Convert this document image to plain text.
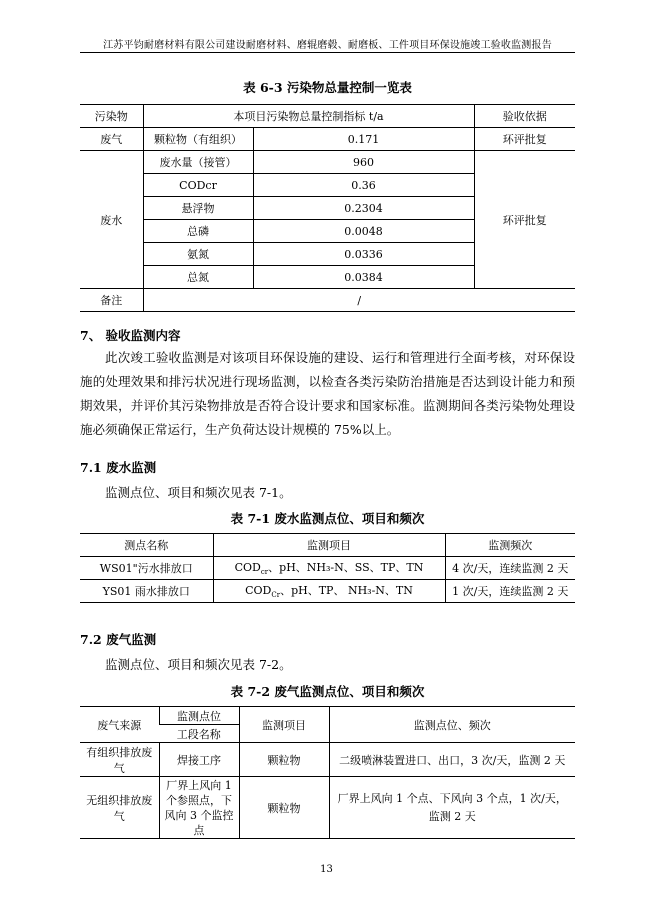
江苏平钧耐磨材料有限公司建设耐磨材料、磨辊磨毂、耐磨板、工件项目环保设施竣工验收监测报告
表 6-3 污染物总量控制一览表
污染物	本项目污染物总量控制指标 t/a		验收依据
废气	颗粒物（有组织）	0.171	环评批复
废水	废水量（接管）	960	环评批复
	CODcr	0.36	
	悬浮物	0.2304	
	总磷	0.0048	
	氨氮	0.0336	
	总氮	0.0384	
备注	/		
7、 验收监测内容
此次竣工验收监测是对该项目环保设施的建设、运行和管理进行全面考核，对环保设施的处理效果和排污状况进行现场监测，以检查各类污染防治措施是否达到设计能力和预期效果，并评价其污染物排放是否符合设计要求和国家标准。监测期间各类污染物处理设施必须确保正常运行，生产负荷达设计规模的 75%以上。
7.1 废水监测
监测点位、项目和频次见表 7-1。
表 7-1 废水监测点位、项目和频次
测点名称	监测项目	监测频次
WS01"污水排放口	$COD_{cr}$、pH、NH₃-N、SS、TP、TN	4 次/天，连续监测 2 天
YS01 雨水排放口	$COD_{Cr}$、pH、TP、 NH₃-N、TN	1 次/天，连续监测 2 天
7.2 废气监测
监测点位、项目和频次见表 7-2。
表 7-2 废气监测点位、项目和频次
废气来源	监测点位	监测项目	监测点位、频次
	工段名称		
有组织排放废气	焊接工序	颗粒物	二级喷淋装置进口、出口，3 次/天，监测 2 天
无组织排放废气	厂界上风向 1 个参照点，下风向 3 个监控点	颗粒物	厂界上风向 1 个点、下风向 3 个点，1 次/天，监测 2 天
13
